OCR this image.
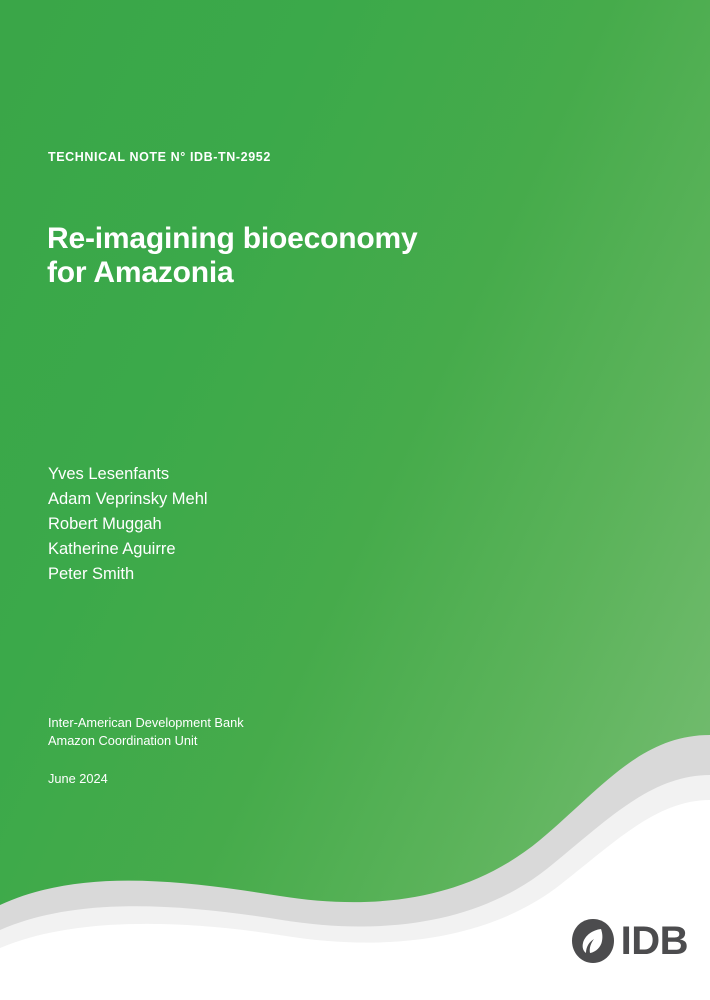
TECHNICAL NOTE N° IDB-TN-2952
Re-imagining bioeconomy
for Amazonia
Yves Lesenfants
Adam Veprinsky Mehl
Robert Muggah
Katherine Aguirre
Peter Smith
Inter-American Development Bank
Amazon Coordination Unit
June 2024
IDB
